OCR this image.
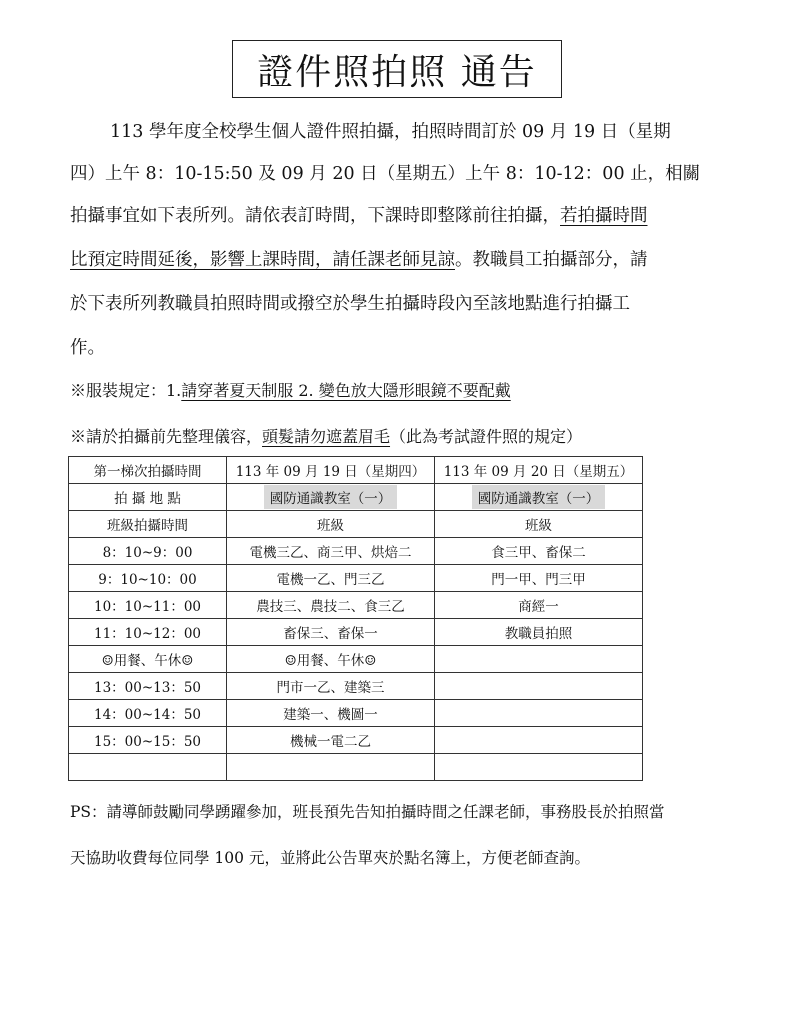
證件照拍照 通告
113 學年度全校學生個人證件照拍攝，拍照時間訂於 09 月 19 日（星期
四）上午 8：10-15:50 及 09 月 20 日（星期五）上午 8：10-12：00 止，相關
拍攝事宜如下表所列。請依表訂時間，下課時即整隊前往拍攝，若拍攝時間
比預定時間延後，影響上課時間，請任課老師見諒。教職員工拍攝部分，請
於下表所列教職員拍照時間或撥空於學生拍攝時段內至該地點進行拍攝工
作。
※服裝規定：1.請穿著夏天制服 2. 變色放大隱形眼鏡不要配戴
※請於拍攝前先整理儀容，頭髮請勿遮蓋眉毛（此為考試證件照的規定）
第一梯次拍攝時間	113 年 09 月 19 日（星期四）	113 年 09 月 20 日（星期五）
拍 攝 地 點	國防通識教室（一）	國防通識教室（一）
班級拍攝時間	班級	班級
8：10~9：00	電機三乙、商三甲、烘焙二	食三甲、畜保二
9：10~10：00	電機一乙、門三乙	門一甲、門三甲
10：10~11：00	農技三、農技二、食三乙	商經一
11：10~12：00	畜保三、畜保一	教職員拍照
☺用餐、午休☺	☺用餐、午休☺	
13：00~13：50	門市一乙、建築三	
14：00~14：50	建築一、機圖一	
15：00~15：50	機械一電二乙	

PS：請導師鼓勵同學踴躍參加，班長預先告知拍攝時間之任課老師，事務股長於拍照當
天協助收費每位同學 100 元，並將此公告單夾於點名簿上，方便老師查詢。
